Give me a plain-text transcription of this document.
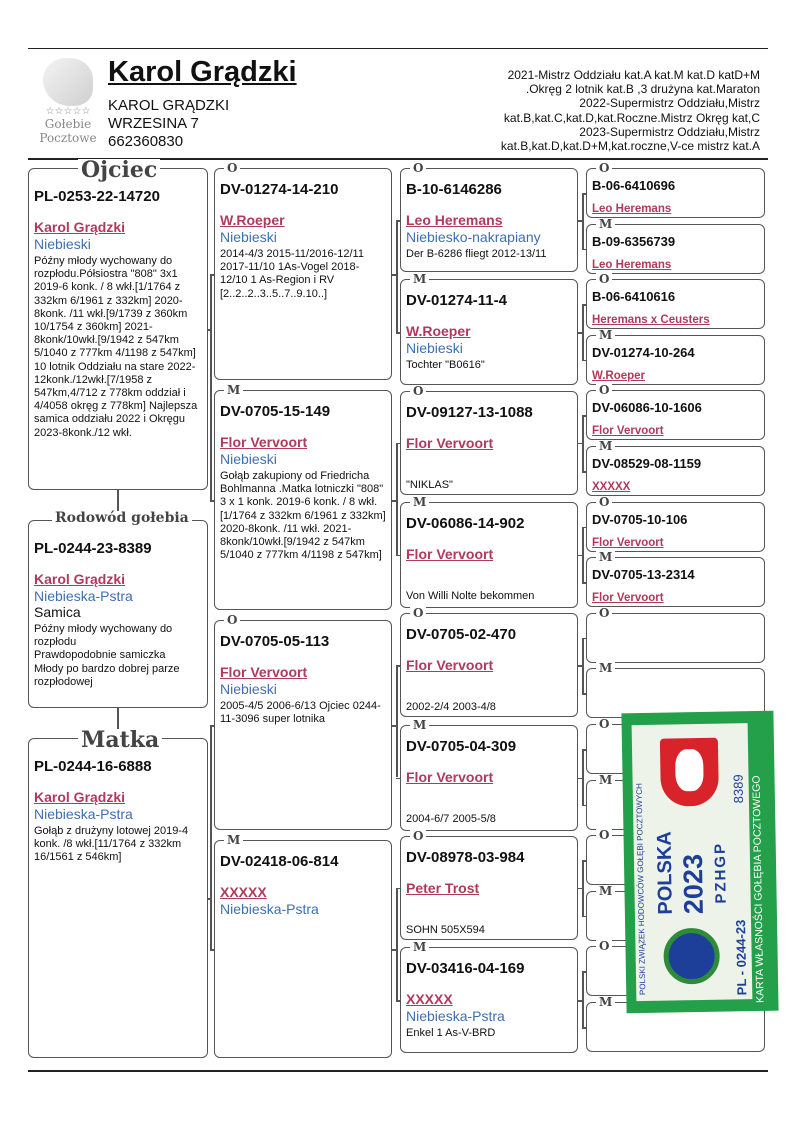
☆☆☆☆☆
Gołebie
Pocztowe
Karol Grądzki
KAROL GRĄDZKI
WRZESINA 7
662360830
2021-Mistrz Oddziału kat.A kat.M kat.D katD+M
.Okręg 2 lotnik kat.B ,3 drużyna kat.Maraton
2022-Supermistrz Oddziału,Mistrz
kat.B,kat.C,kat.D,kat.Roczne.Mistrz Okręg kat,C
2023-Supermistrz Oddziału,Mistrz
kat.B,kat.D,kat.D+M,kat.roczne,V-ce mistrz kat.A
PL-0253-22-14720
Karol Grądzki
Niebieski
Późny młody wychowany do rozpłodu.Półsiostra "808" 3x1 2019-6 konk. / 8 wkł.[1/1764 z 332km 6/1961 z 332km] 2020-8konk. /11 wkł.[9/1739 z 360km 10/1754 z 360km] 2021-8konk/10wkł.[9/1942 z 547km 5/1040 z 777km 4/1198 z 547km] 10 lotnik Oddziału na stare 2022-12konk./12wkł.[7/1958 z 547km,4/712 z 778km oddział i 4/4058 okręg z 778km] Najlepsza samica oddziału 2022 i Okręgu 2023-8konk./12 wkł.
Ojciec
PL-0244-23-8389
Karol Grądzki
Niebieska-Pstra
Samica
Późny młody wychowany do rozpłodu
Prawdopodobnie samiczka
Młody po bardzo dobrej parze rozpłodowej
Rodowód gołebia
PL-0244-16-6888
Karol Grądzki
Niebieska-Pstra
Gołąb z drużyny lotowej 2019-4 konk. /8 wkł.[11/1764 z 332km 16/1561 z 546km]
Matka
DV-01274-14-210
W.Roeper
Niebieski
2014-4/3 2015-11/2016-12/11 2017-11/10 1As-Vogel 2018-12/10 1 As-Region i RV [2..2..2..3..5..7..9.10..]
O
DV-0705-15-149
Flor Vervoort
Niebieski
Gołąb zakupiony od Friedricha Bohlmanna .Matka lotniczki "808" 3 x 1 konk. 2019-6 konk. / 8 wkł.[1/1764 z 332km 6/1961 z 332km] 2020-8konk. /11 wkł. 2021-8konk/10wkł.[9/1942 z 547km 5/1040 z 777km 4/1198 z 547km]
M
DV-0705-05-113
Flor Vervoort
Niebieski
2005-4/5 2006-6/13 Ojciec 0244-11-3096 super lotnika
O
DV-02418-06-814
XXXXX
Niebieska-Pstra
M
B-10-6146286
Leo Heremans
Niebiesko-nakrapiany
Der B-6286 fliegt 2012-13/11
O
DV-01274-11-4
W.Roeper
Niebieski
Tochter "B0616"
M
DV-09127-13-1088
Flor Vervoort
"NIKLAS"
O
DV-06086-14-902
Flor Vervoort
Von Willi Nolte bekommen
M
DV-0705-02-470
Flor Vervoort
2002-2/4 2003-4/8
O
DV-0705-04-309
Flor Vervoort
2004-6/7 2005-5/8
M
DV-08978-03-984
Peter Trost
SOHN 505X594
O
DV-03416-04-169
XXXXX
Niebieska-Pstra
Enkel 1 As-V-BRD
M
B-06-6410696
Leo Heremans
O
B-09-6356739
Leo Heremans
M
B-06-6410616
Heremans x Ceusters
O
DV-01274-10-264
W.Roeper
M
DV-06086-10-1606
Flor Vervoort
O
DV-08529-08-1159
XXXXX
M
DV-0705-10-106
Flor Vervoort
O
DV-0705-13-2314
Flor Vervoort
M
O
M
O
M
O
M
O
M
POLSKI ZWIĄZEK HODOWCÓW GOŁĘBI POCZTOWYCH POLSKA 2023 PZHGP
8389
PL - 0244-23 KARTA WŁASNOŚCI GOŁĘBIA POCZTOWEGO
